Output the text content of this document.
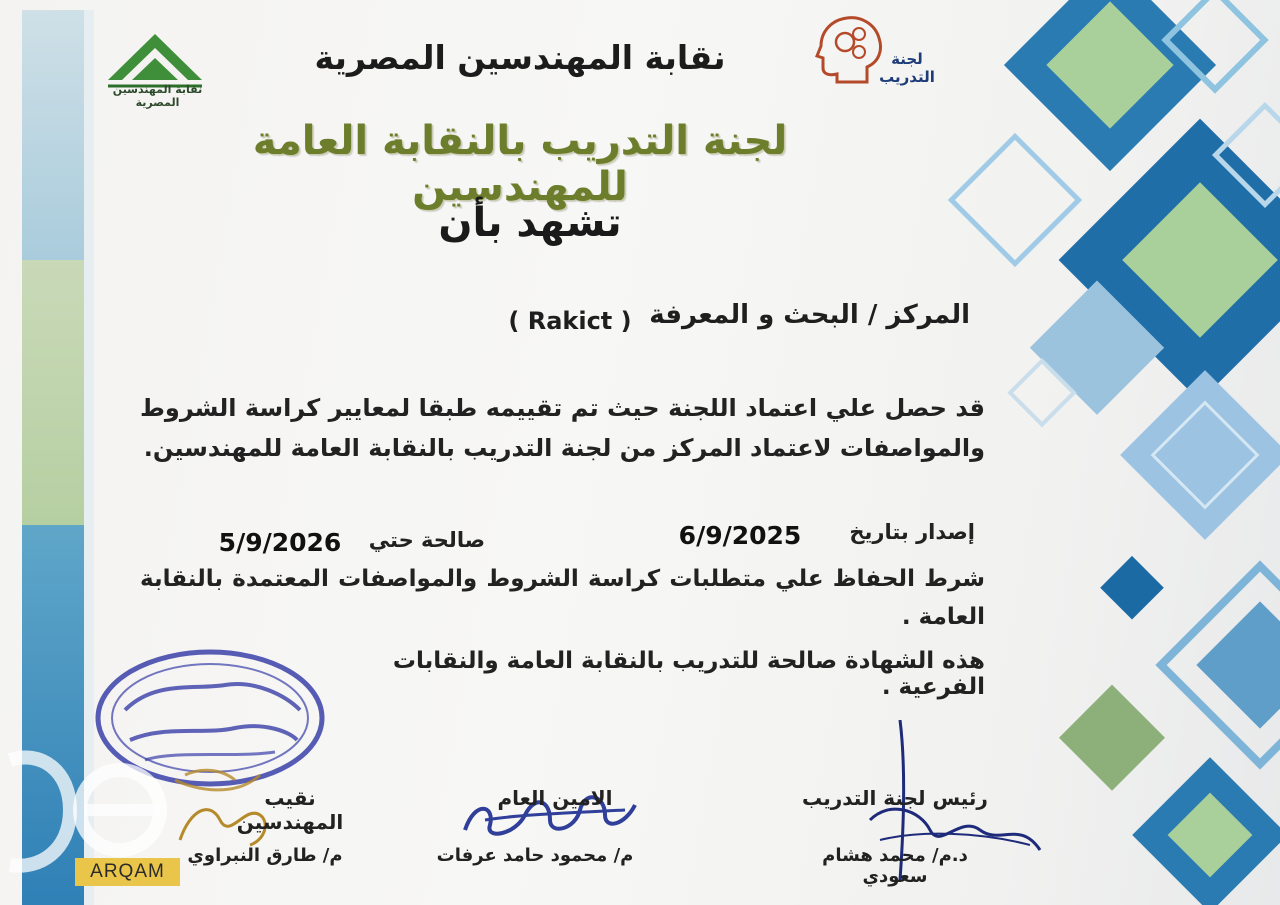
نقابة المهندسين المصرية
لجنة
التدريب
نقابة المهندسين المصرية
لجنة التدريب بالنقابة العامة للمهندسين
تشهد بأن
المركز / البحث و المعرفة
( Rakict )
قد حصل علي اعتماد اللجنة حيث تم تقييمه طبقا لمعايير كراسة الشروط والمواصفات لاعتماد المركز من لجنة التدريب بالنقابة العامة للمهندسين.
إصدار بتاريخ
6/9/2025
صالحة حتي
5/9/2026
شرط الحفاظ علي متطلبات كراسة الشروط والمواصفات المعتمدة بالنقابة العامة .
هذه الشهادة صالحة للتدريب بالنقابة العامة والنقابات الفرعية .
رئيس لجنة التدريب
د.م/ محمد هشام سعودي
الامين العام
م/ محمود حامد عرفات
نقيب المهندسين
م/ طارق النبراوي
ARQAM
